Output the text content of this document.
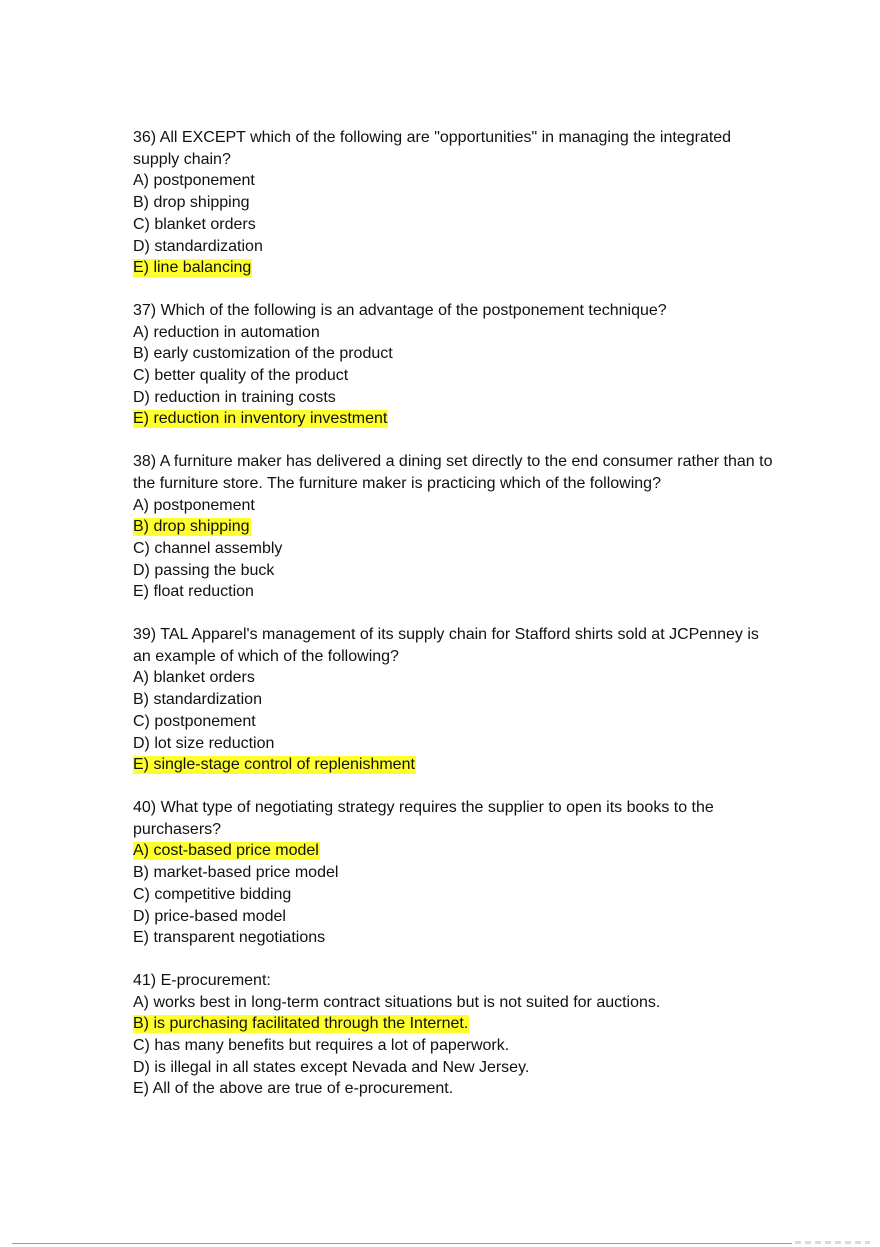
36) All EXCEPT which of the following are "opportunities" in managing the integrated supply chain?
A) postponement
B) drop shipping
C) blanket orders
D) standardization
E) line balancing
37) Which of the following is an advantage of the postponement technique?
A) reduction in automation
B) early customization of the product
C) better quality of the product
D) reduction in training costs
E) reduction in inventory investment
38) A furniture maker has delivered a dining set directly to the end consumer rather than to the furniture store. The furniture maker is practicing which of the following?
A) postponement
B) drop shipping
C) channel assembly
D) passing the buck
E) float reduction
39) TAL Apparel's management of its supply chain for Stafford shirts sold at JCPenney is an example of which of the following?
A) blanket orders
B) standardization
C) postponement
D) lot size reduction
E) single-stage control of replenishment
40) What type of negotiating strategy requires the supplier to open its books to the purchasers?
A) cost-based price model
B) market-based price model
C) competitive bidding
D) price-based model
E) transparent negotiations
41) E-procurement:
A) works best in long-term contract situations but is not suited for auctions.
B) is purchasing facilitated through the Internet.
C) has many benefits but requires a lot of paperwork.
D) is illegal in all states except Nevada and New Jersey.
E) All of the above are true of e-procurement.
